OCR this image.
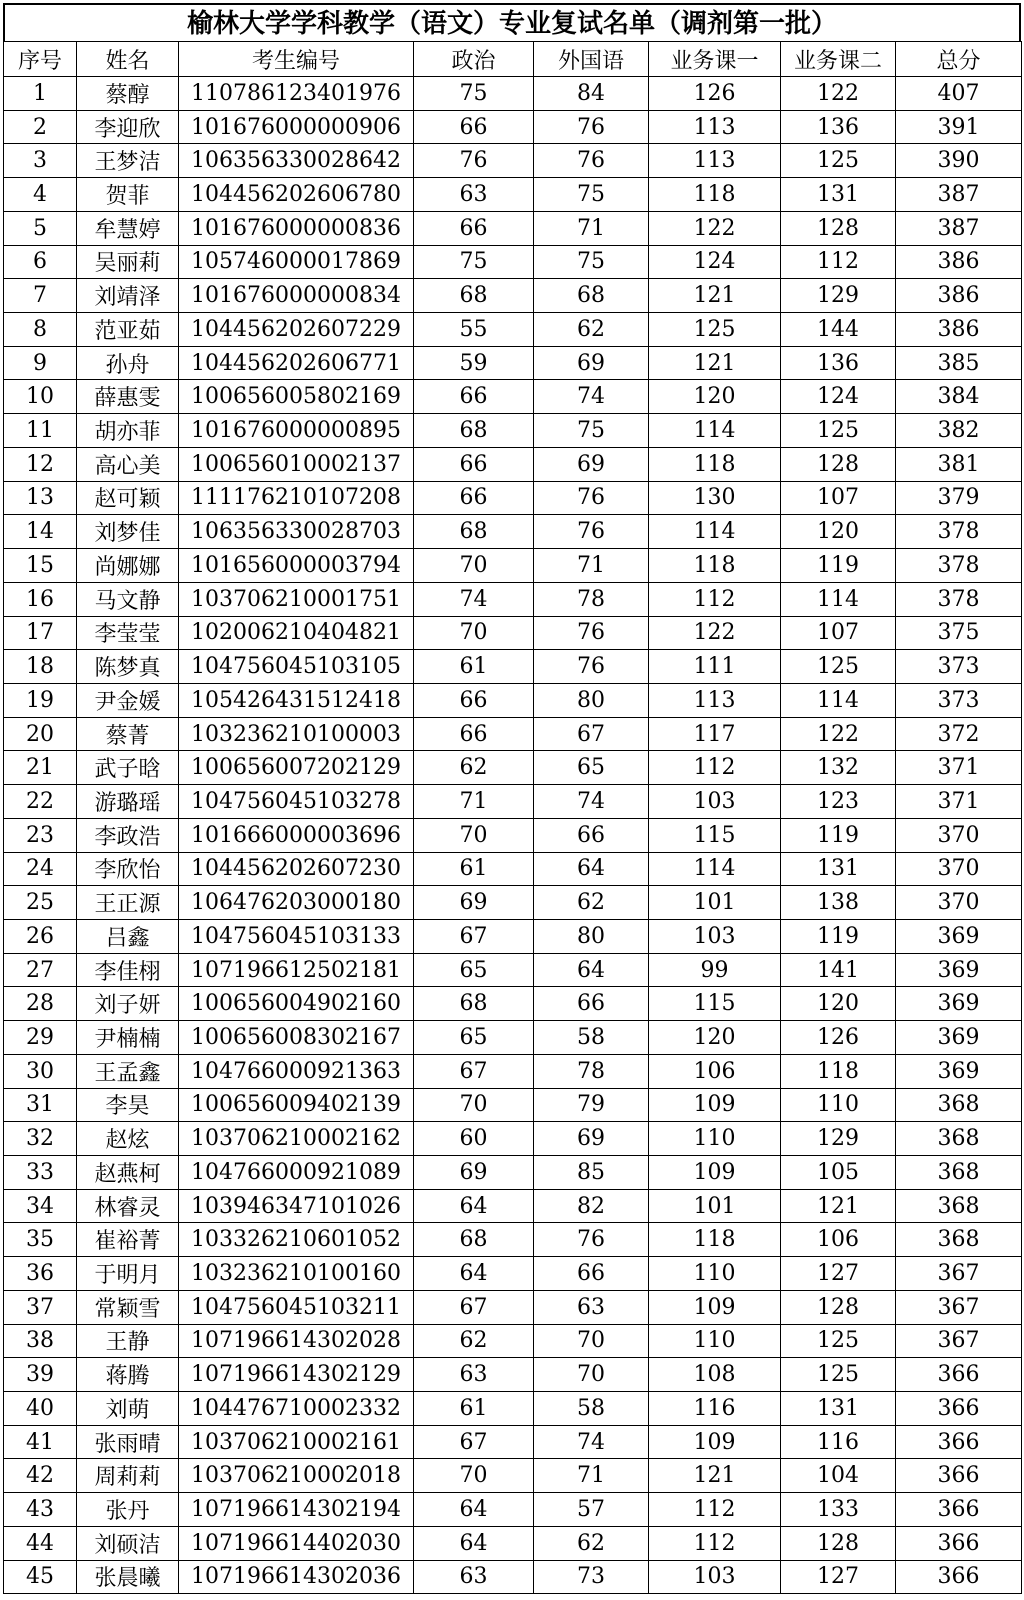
榆林大学学科教学（语文）专业复试名单（调剂第一批）
序号	姓名	考生编号	政治	外国语	业务课一	业务课二	总分
1	蔡醇	110786123401976	75	84	126	122	407
2	李迎欣	101676000000906	66	76	113	136	391
3	王梦洁	106356330028642	76	76	113	125	390
4	贺菲	104456202606780	63	75	118	131	387
5	牟慧婷	101676000000836	66	71	122	128	387
6	吴丽莉	105746000017869	75	75	124	112	386
7	刘靖泽	101676000000834	68	68	121	129	386
8	范亚茹	104456202607229	55	62	125	144	386
9	孙舟	104456202606771	59	69	121	136	385
10	薛惠雯	100656005802169	66	74	120	124	384
11	胡亦菲	101676000000895	68	75	114	125	382
12	高心美	100656010002137	66	69	118	128	381
13	赵可颖	111176210107208	66	76	130	107	379
14	刘梦佳	106356330028703	68	76	114	120	378
15	尚娜娜	101656000003794	70	71	118	119	378
16	马文静	103706210001751	74	78	112	114	378
17	李莹莹	102006210404821	70	76	122	107	375
18	陈梦真	104756045103105	61	76	111	125	373
19	尹金媛	105426431512418	66	80	113	114	373
20	蔡菁	103236210100003	66	67	117	122	372
21	武子晗	100656007202129	62	65	112	132	371
22	游璐瑶	104756045103278	71	74	103	123	371
23	李政浩	101666000003696	70	66	115	119	370
24	李欣怡	104456202607230	61	64	114	131	370
25	王正源	106476203000180	69	62	101	138	370
26	吕鑫	104756045103133	67	80	103	119	369
27	李佳栩	107196612502181	65	64	99	141	369
28	刘子妍	100656004902160	68	66	115	120	369
29	尹楠楠	100656008302167	65	58	120	126	369
30	王孟鑫	104766000921363	67	78	106	118	369
31	李昊	100656009402139	70	79	109	110	368
32	赵炫	103706210002162	60	69	110	129	368
33	赵燕柯	104766000921089	69	85	109	105	368
34	林睿灵	103946347101026	64	82	101	121	368
35	崔裕菁	103326210601052	68	76	118	106	368
36	于明月	103236210100160	64	66	110	127	367
37	常颖雪	104756045103211	67	63	109	128	367
38	王静	107196614302028	62	70	110	125	367
39	蒋腾	107196614302129	63	70	108	125	366
40	刘萌	104476710002332	61	58	116	131	366
41	张雨晴	103706210002161	67	74	109	116	366
42	周莉莉	103706210002018	70	71	121	104	366
43	张丹	107196614302194	64	57	112	133	366
44	刘硕洁	107196614402030	64	62	112	128	366
45	张晨曦	107196614302036	63	73	103	127	366
